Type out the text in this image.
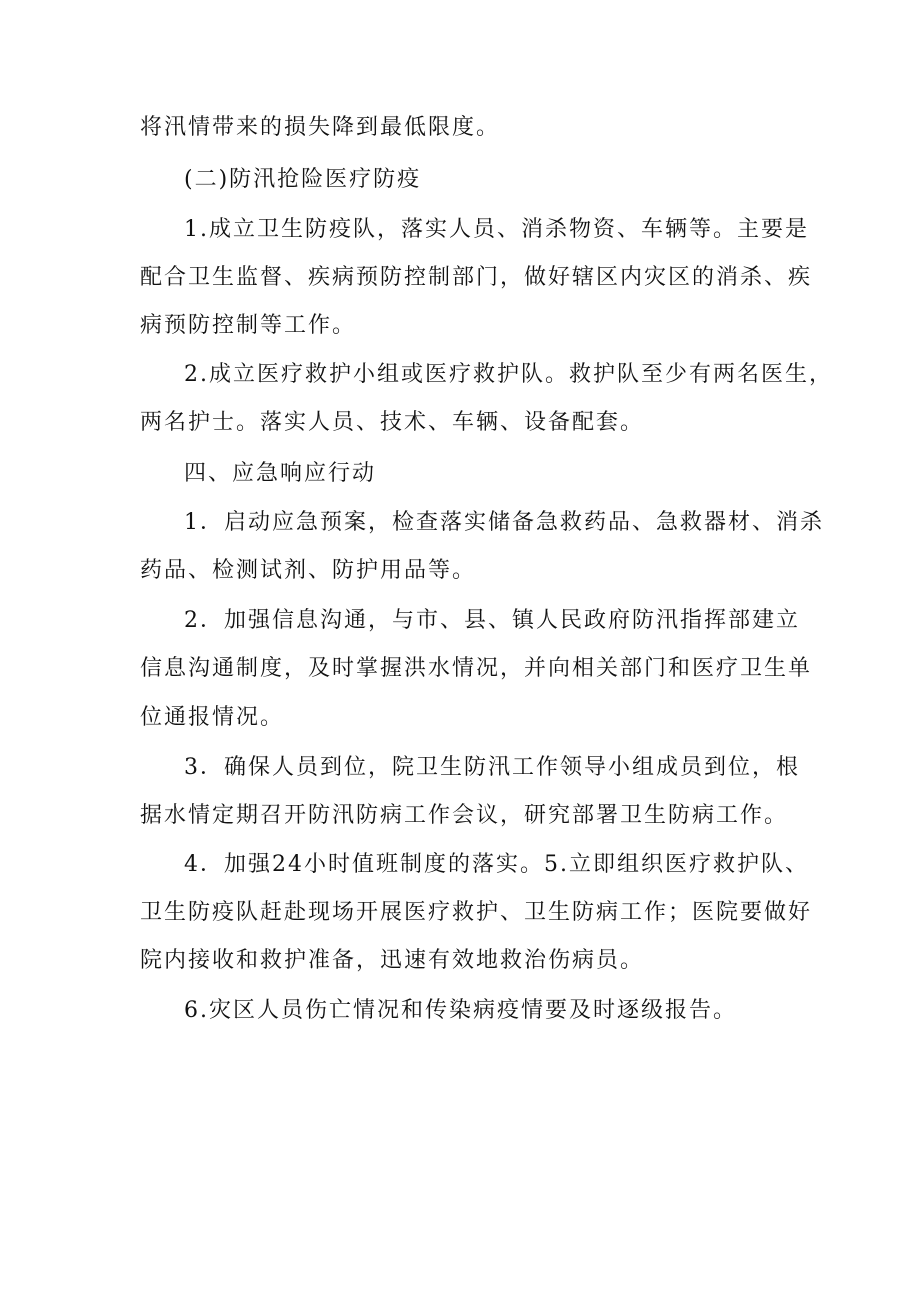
将汛情带来的损失降到最低限度。
(二)防汛抢险医疗防疫
1.成立卫生防疫队，落实人员、消杀物资、车辆等。主要是
配合卫生监督、疾病预防控制部门，做好辖区内灾区的消杀、疾
病预防控制等工作。
2.成立医疗救护小组或医疗救护队。救护队至少有两名医生，
两名护士。落实人员、技术、车辆、设备配套。
四、应急响应行动
1．启动应急预案，检查落实储备急救药品、急救器材、消杀
药品、检测试剂、防护用品等。
2．加强信息沟通，与市、县、镇人民政府防汛指挥部建立
信息沟通制度，及时掌握洪水情况，并向相关部门和医疗卫生单
位通报情况。
3．确保人员到位，院卫生防汛工作领导小组成员到位，根
据水情定期召开防汛防病工作会议，研究部署卫生防病工作。
4．加强24小时值班制度的落实。5.立即组织医疗救护队、
卫生防疫队赶赴现场开展医疗救护、卫生防病工作；医院要做好
院内接收和救护准备，迅速有效地救治伤病员。
6.灾区人员伤亡情况和传染病疫情要及时逐级报告。
